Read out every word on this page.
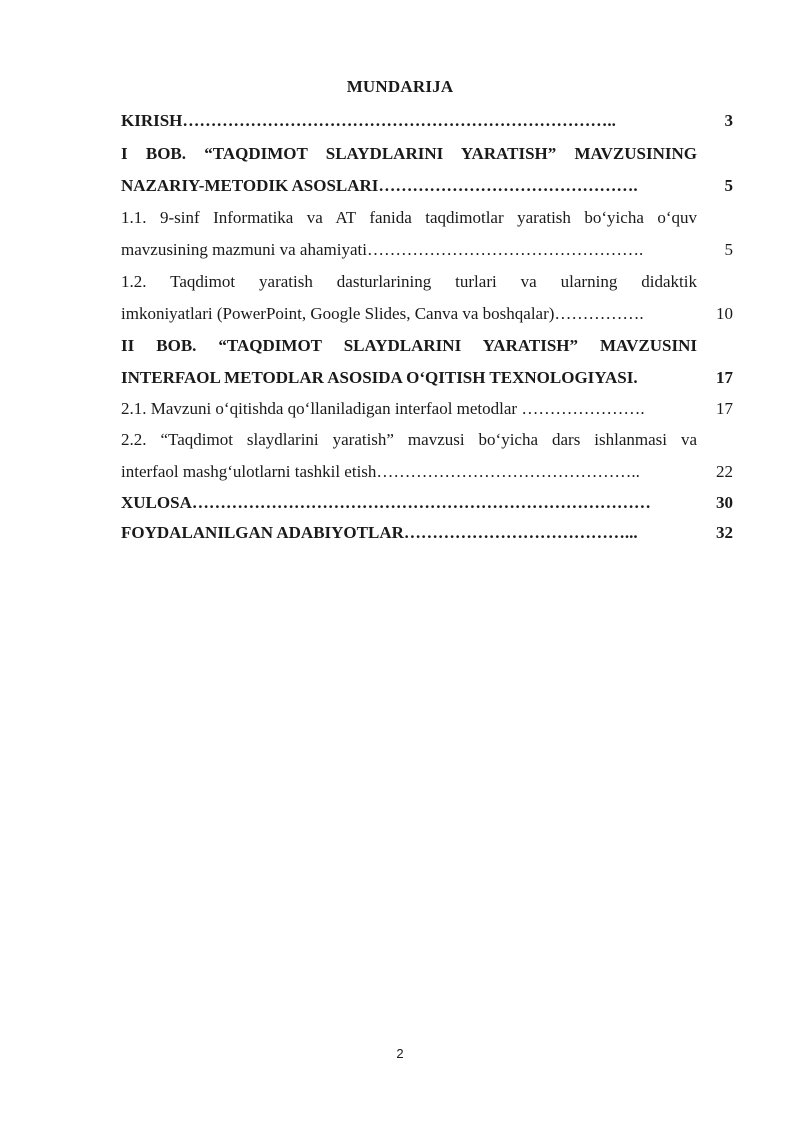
MUNDARIJA
KIRISH…………………………………………………………………..	3
I BOB. “TAQDIMOT SLAYDLARINI YARATISH” MAVZUSINING
NAZARIY-METODIK ASOSLARI……………………………………….	5
1.1. 9-sinf Informatika va AT fanida taqdimotlar yaratish bo‘yicha o‘quv
mavzusining mazmuni va ahamiyati………………………………………….	5
1.2. Taqdimot yaratish dasturlarining turlari va ularning didaktik
imkoniyatlari (PowerPoint, Google Slides, Canva va boshqalar)…………….	10
II BOB. “TAQDIMOT SLAYDLARINI YARATISH” MAVZUSINI
INTERFAOL METODLAR ASOSIDA O‘QITISH TEXNOLOGIYASI.	17
2.1. Mavzuni o‘qitishda qo‘llaniladigan interfaol metodlar ………………….	17
2.2. “Taqdimot slaydlarini yaratish” mavzusi bo‘yicha dars ishlanmasi va
interfaol mashg‘ulotlarni tashkil etish………………………………………..	22
XULOSA………………………………………………………………………	30
FOYDALANILGAN ADABIYOTLAR…………………………………...	32
2
